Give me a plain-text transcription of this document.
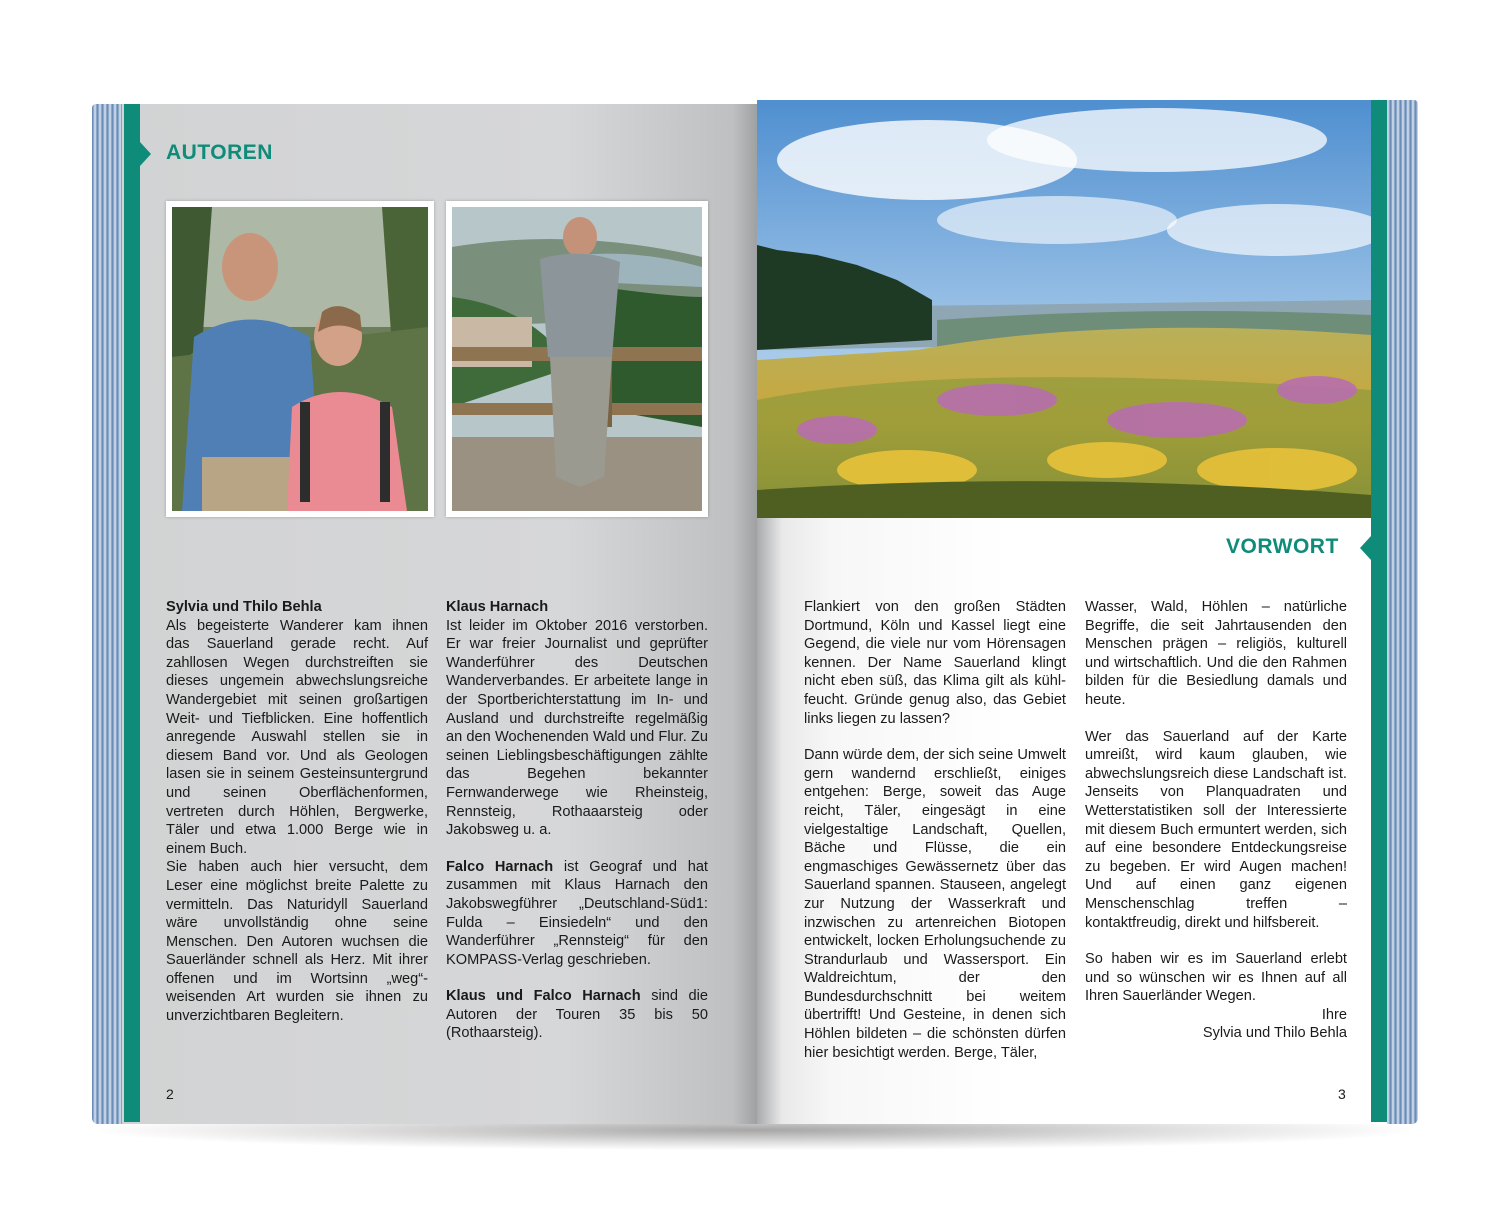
AUTOREN

Sylvia und Thilo Behla

Als begeisterte Wanderer kam ihnen das Sauerland gerade recht. Auf zahllosen Wegen durchstreiften sie dieses ungemein abwechslungsreiche Wandergebiet mit seinen großartigen Weit- und Tiefblicken. Eine hoffentlich anregende Auswahl stellen sie in diesem Band vor. Und als Geologen lasen sie in seinem Gesteinsuntergrund und seinen Oberflächenformen, vertreten durch Höhlen, Bergwerke, Täler und etwa 1.000 Berge wie in einem Buch.

Sie haben auch hier versucht, dem Leser eine möglichst breite Palette zu vermitteln. Das Naturidyll Sauerland wäre unvollständig ohne seine Menschen. Den Autoren wuchsen die Sauerländer schnell als Herz. Mit ihrer offenen und im Wortsinn „weg“-weisenden Art wurden sie ihnen zu unverzichtbaren Begleitern.

Klaus Harnach

Ist leider im Oktober 2016 verstorben. Er war freier Journalist und geprüfter Wanderführer des Deutschen Wanderverbandes. Er arbeitete lange in der Sportberichterstattung im In- und Ausland und durchstreifte regelmäßig an den Wochenenden Wald und Flur. Zu seinen Lieblingsbeschäftigungen zählte das Begehen bekannter Fernwanderwege wie Rheinsteig, Rennsteig, Rothaaarsteig oder Jakobsweg u. a.

Falco Harnach ist Geograf und hat zusammen mit Klaus Harnach den Jakobswegführer „Deutschland-Süd1: Fulda – Einsiedeln“ und den Wanderführer „Rennsteig“ für den KOMPASS-Verlag geschrieben.

Klaus und Falco Harnach sind die Autoren der Touren 35 bis 50 (Rothaarsteig).

2
VORWORT

Flankiert von den großen Städten Dortmund, Köln und Kassel liegt eine Gegend, die viele nur vom Hörensagen kennen. Der Name Sauerland klingt nicht eben süß, das Klima gilt als kühl-feucht. Gründe genug also, das Gebiet links liegen zu lassen?

Dann würde dem, der sich seine Umwelt gern wandernd erschließt, einiges entgehen: Berge, soweit das Auge reicht, Täler, eingesägt in eine vielgestaltige Landschaft, Quellen, Bäche und Flüsse, die ein engmaschiges Gewässernetz über das Sauerland spannen. Stauseen, angelegt zur Nutzung der Wasserkraft und inzwischen zu artenreichen Biotopen entwickelt, locken Erholungsuchende zu Strandurlaub und Wassersport. Ein Waldreichtum, der den Bundesdurchschnitt bei weitem übertrifft! Und Gesteine, in denen sich Höhlen bildeten – die schönsten dürfen hier besichtigt werden. Berge, Täler,

Wasser, Wald, Höhlen – natürliche Begriffe, die seit Jahrtausenden den Menschen prägen – religiös, kulturell und wirtschaftlich. Und die den Rahmen bilden für die Besiedlung damals und heute.

Wer das Sauerland auf der Karte umreißt, wird kaum glauben, wie abwechslungsreich diese Landschaft ist. Jenseits von Planquadraten und Wetterstatistiken soll der Interessierte mit diesem Buch ermuntert werden, sich auf eine besondere Entdeckungsreise zu begeben. Er wird Augen machen! Und auf einen ganz eigenen Menschenschlag treffen – kontaktfreudig, direkt und hilfsbereit.

So haben wir es im Sauerland erlebt und so wünschen wir es Ihnen auf all Ihren Sauerländer Wegen.

Ihre

Sylvia und Thilo Behla

3
